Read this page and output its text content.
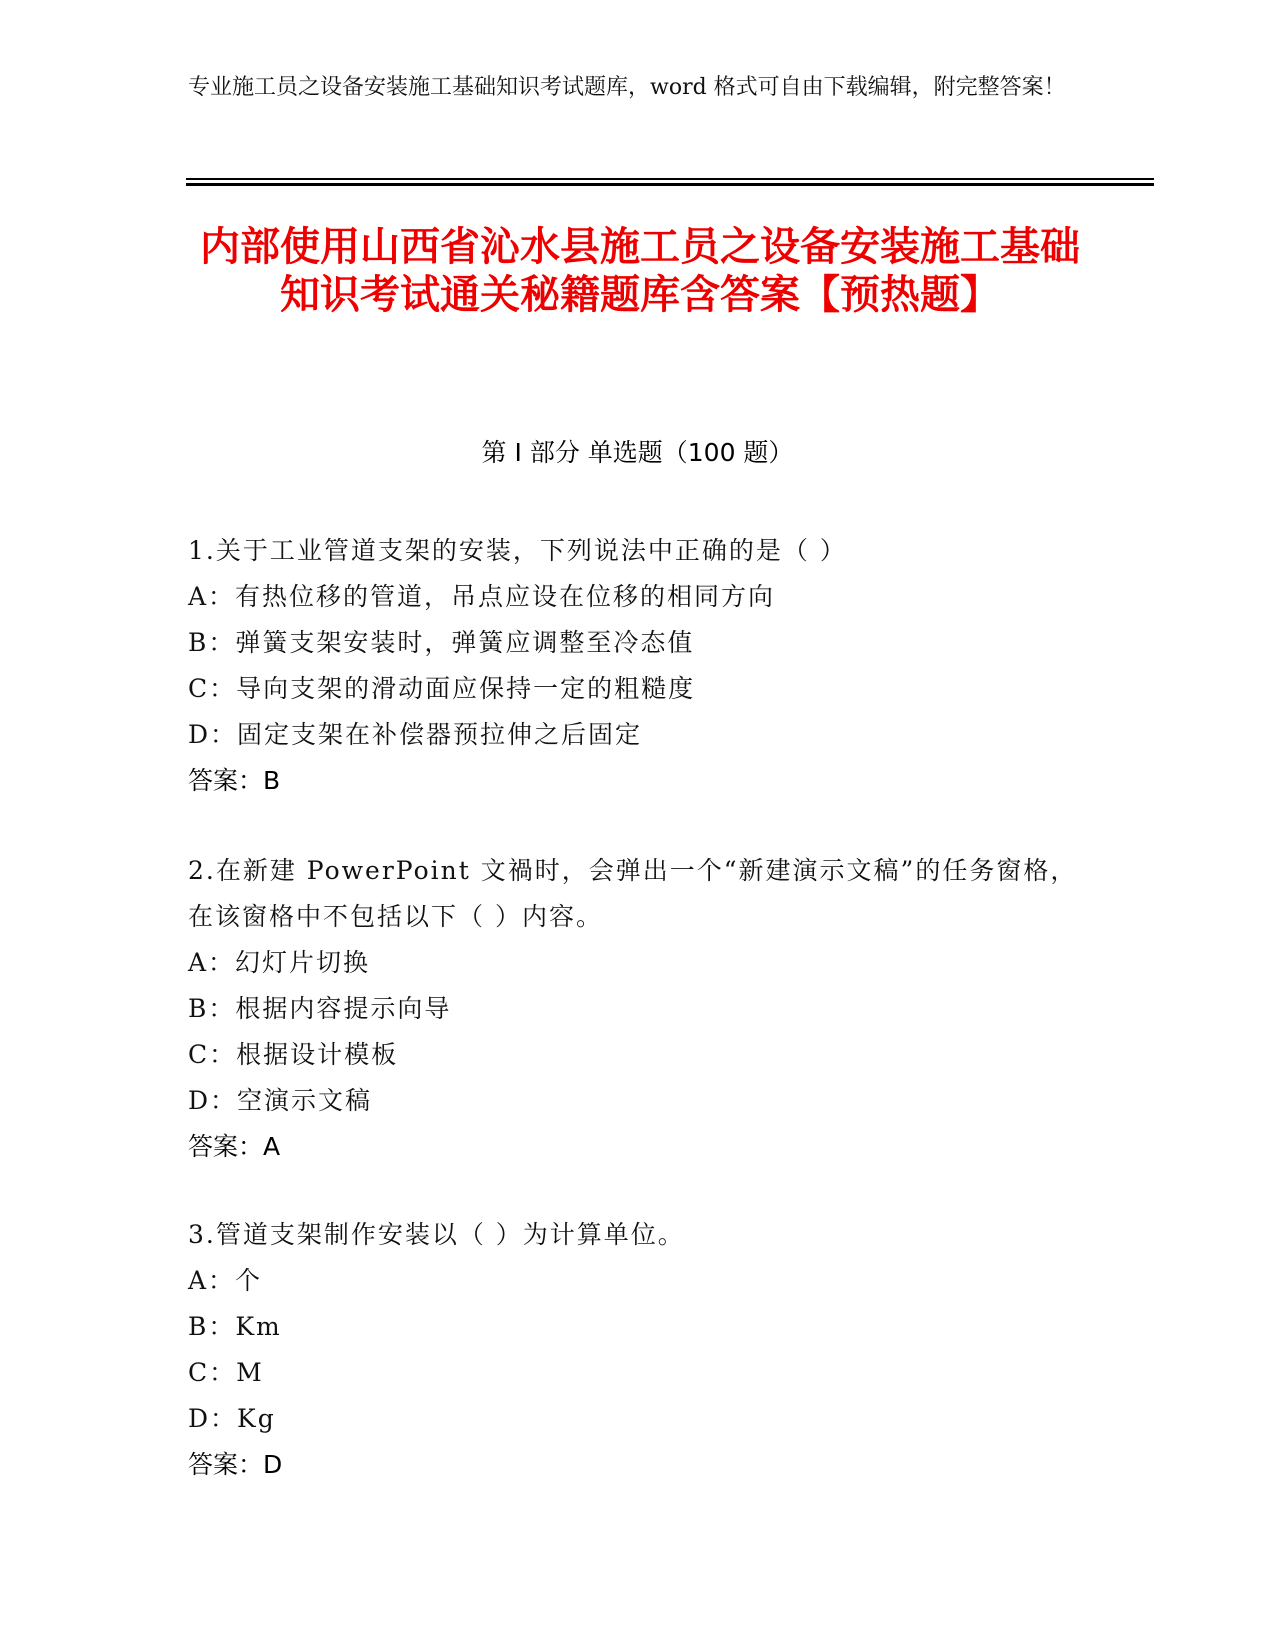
专业施工员之设备安装施工基础知识考试题库，word 格式可自由下载编辑，附完整答案！
内部使用山西省沁水县施工员之设备安装施工基础知识考试通关秘籍题库含答案【预热题】
第 I 部分 单选题（100 题）

1.关于工业管道支架的安装，下列说法中正确的是（ ）

A：有热位移的管道，吊点应设在位移的相同方向

B：弹簧支架安装时，弹簧应调整至冷态值

C：导向支架的滑动面应保持一定的粗糙度

D：固定支架在补偿器预拉伸之后固定

答案：B

2.在新建 PowerPoint 文禍时，会弹出一个“新建演示文稿”的任务窗格，在该窗格中不包括以下（ ）内容。

A：幻灯片切换

B：根据内容提示向导

C：根据设计模板

D：空演示文稿

答案：A

3.管道支架制作安装以（ ）为计算单位。

A：个

B：Km

C：M

D：Kg

答案：D
